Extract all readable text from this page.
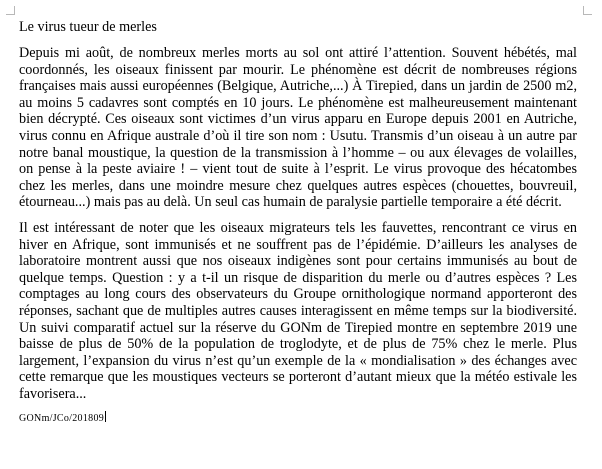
Le virus tueur de merles

Depuis mi août, de nombreux merles morts au sol ont attiré l’attention. Souvent hébétés, mal coordonnés, les oiseaux finissent par mourir. Le phénomène est décrit de nombreuses régions françaises mais aussi européennes (Belgique, Autriche,...) À Tirepied, dans un jardin de 2500 m2, au moins 5 cadavres sont comptés en 10 jours. Le phénomène est malheureusement maintenant bien décrypté. Ces oiseaux sont victimes d’un virus apparu en Europe depuis 2001 en Autriche, virus connu en Afrique australe d’où il tire son nom : Usutu. Transmis d’un oiseau à un autre par notre banal moustique, la question de la transmission à l’homme – ou aux élevages de volailles, on pense à la peste aviaire ! – vient tout de suite à l’esprit. Le virus provoque des hécatombes chez les merles, dans une moindre mesure chez quelques autres espèces (chouettes, bouvreuil, étourneau...) mais pas au delà. Un seul cas humain de paralysie partielle temporaire a été décrit.

Il est intéressant de noter que les oiseaux migrateurs tels les fauvettes, rencontrant ce virus en hiver en Afrique, sont immunisés et ne souffrent pas de l’épidémie. D’ailleurs les analyses de laboratoire montrent aussi que nos oiseaux indigènes sont pour certains immunisés au bout de quelque temps. Question : y a t-il un risque de disparition du merle ou d’autres espèces ? Les comptages au long cours des observateurs du Groupe ornithologique normand apporteront des réponses, sachant que de multiples autres causes interagissent en même temps sur la biodiversité. Un suivi comparatif actuel sur la réserve du GONm de Tirepied montre en septembre 2019 une baisse de plus de 50% de la population de troglodyte, et de plus de 75% chez le merle. Plus largement, l’expansion du virus n’est qu’un exemple de la « mondialisation » des échanges avec cette remarque que les moustiques vecteurs se porteront d’autant mieux que la météo estivale les favorisera...

GONm/JCo/201809
